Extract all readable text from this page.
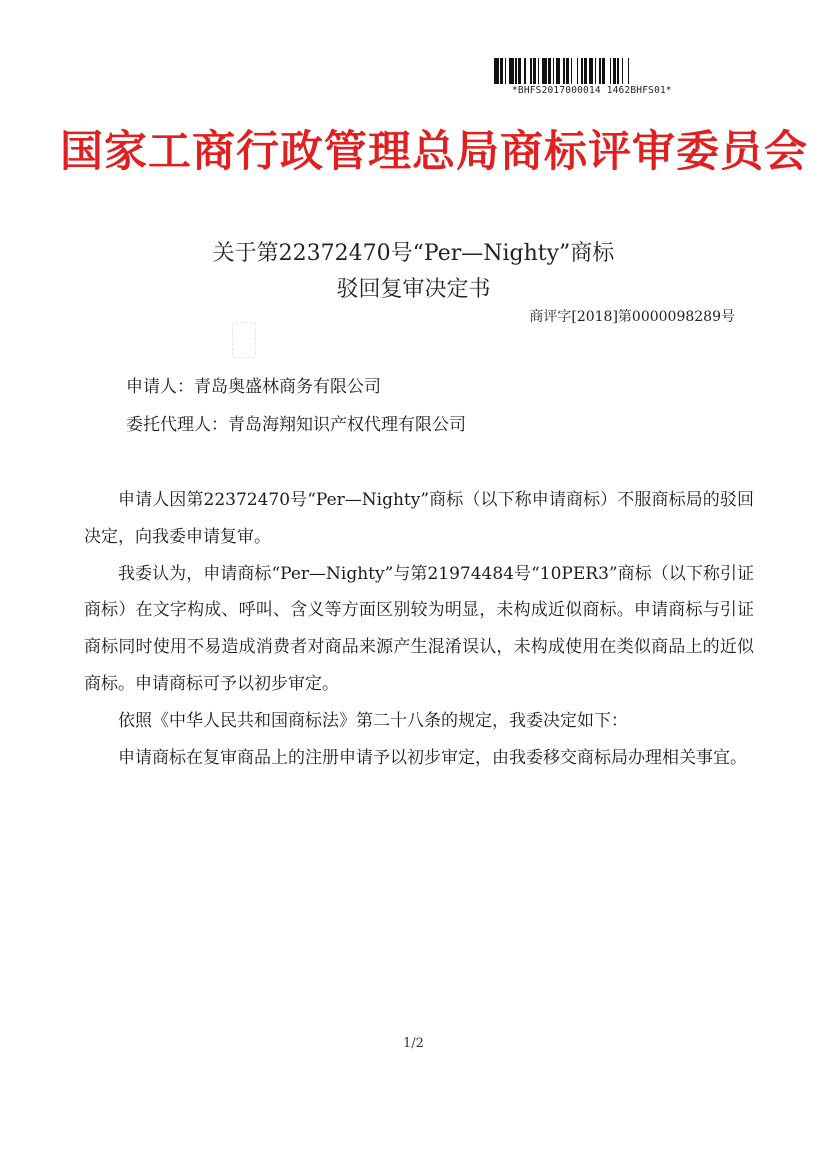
*BHFS2017000014 1462BHFS01*
国家工商行政管理总局商标评审委员会
关于第22372470号“Per—Nighty”商标
驳回复审决定书
商评字[2018]第0000098289号
申请人：青岛奥盛林商务有限公司
委托代理人：青岛海翔知识产权代理有限公司

申请人因第22372470号“Per—Nighty”商标（以下称申请商标）不服商标局的驳回决定，向我委申请复审。

我委认为，申请商标“Per—Nighty”与第21974484号“10PER3”商标（以下称引证商标）在文字构成、呼叫、含义等方面区别较为明显，未构成近似商标。申请商标与引证商标同时使用不易造成消费者对商品来源产生混淆误认，未构成使用在类似商品上的近似商标。申请商标可予以初步审定。

依照《中华人民共和国商标法》第二十八条的规定，我委决定如下：

申请商标在复审商品上的注册申请予以初步审定，由我委移交商标局办理相关事宜。

1/2
